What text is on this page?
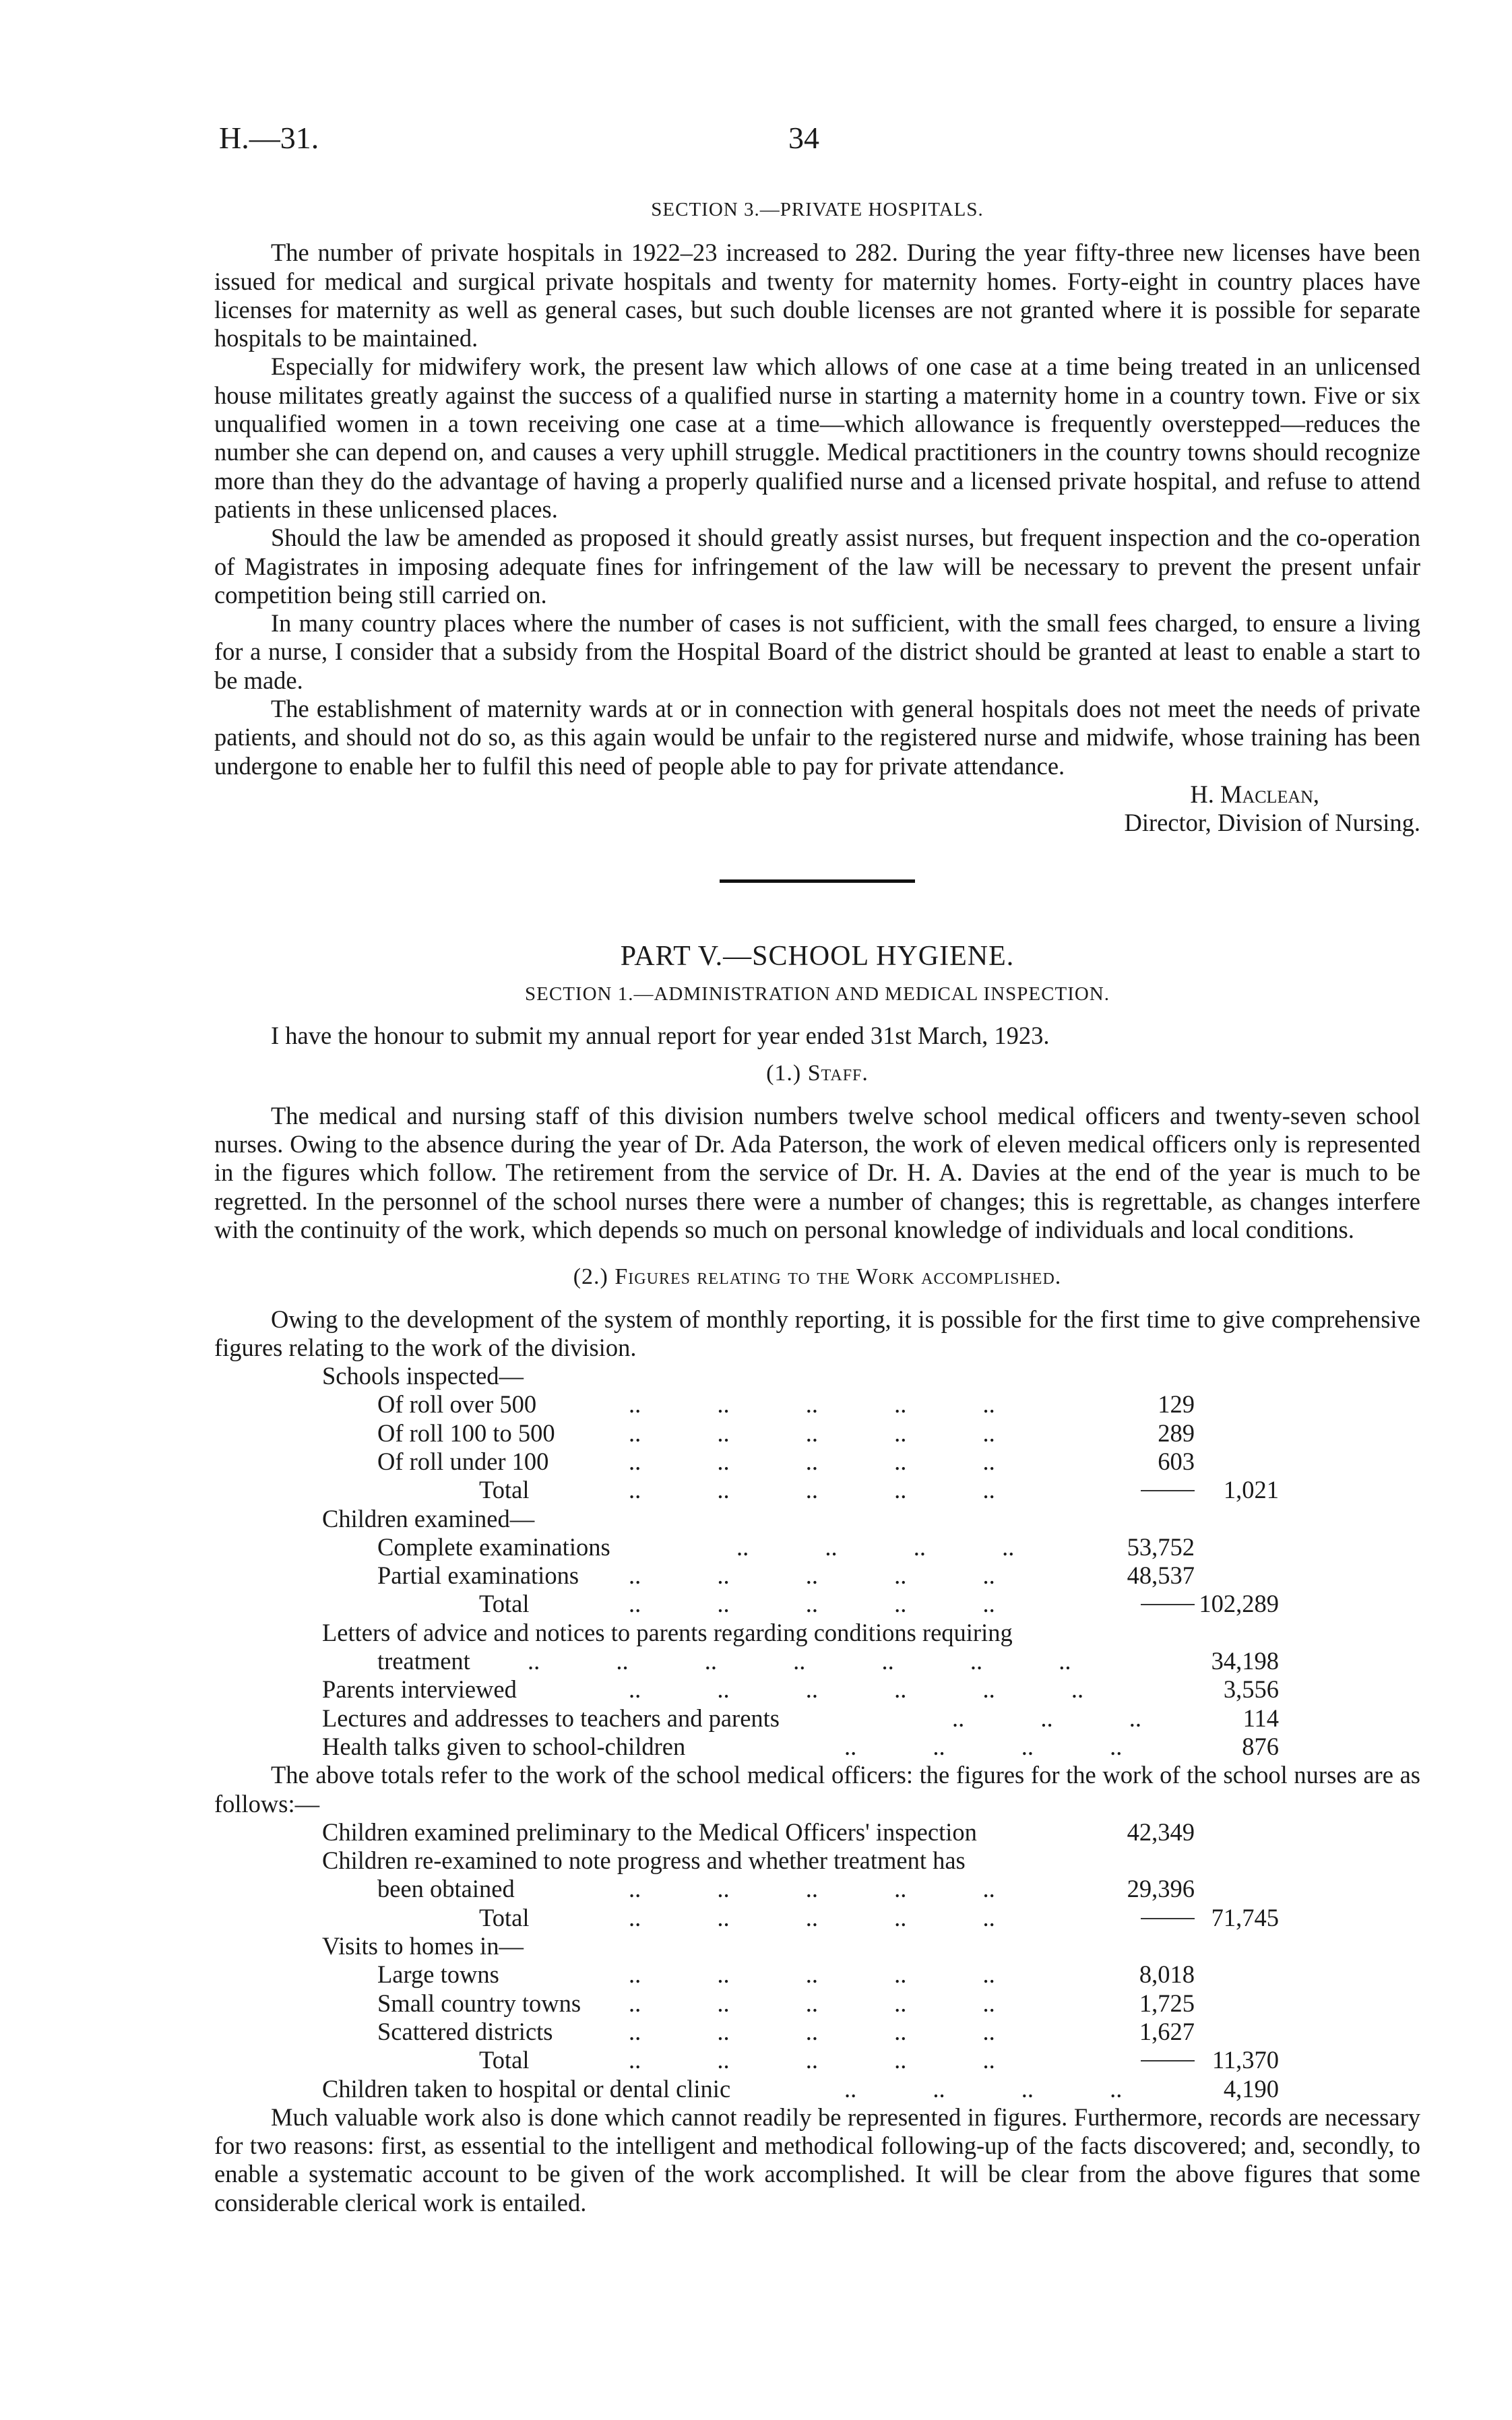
H.—31.	34
SECTION 3.—PRIVATE HOSPITALS.

The number of private hospitals in 1922–23 increased to 282. During the year fifty-three new licenses have been issued for medical and surgical private hospitals and twenty for maternity homes. Forty-eight in country places have licenses for maternity as well as general cases, but such double licenses are not granted where it is possible for separate hospitals to be maintained.

Especially for midwifery work, the present law which allows of one case at a time being treated in an unlicensed house militates greatly against the success of a qualified nurse in starting a maternity home in a country town. Five or six unqualified women in a town receiving one case at a time—which allowance is frequently overstepped—reduces the number she can depend on, and causes a very uphill struggle. Medical practitioners in the country towns should recognize more than they do the advantage of having a properly qualified nurse and a licensed private hospital, and refuse to attend patients in these unlicensed places.

Should the law be amended as proposed it should greatly assist nurses, but frequent inspection and the co-operation of Magistrates in imposing adequate fines for infringement of the law will be necessary to prevent the present unfair competition being still carried on.

In many country places where the number of cases is not sufficient, with the small fees charged, to ensure a living for a nurse, I consider that a subsidy from the Hospital Board of the district should be granted at least to enable a start to be made.

The establishment of maternity wards at or in connection with general hospitals does not meet the needs of private patients, and should not do so, as this again would be unfair to the registered nurse and midwife, whose training has been undergone to enable her to fulfil this need of people able to pay for private attendance.

H. Maclean,

Director, Division of Nursing.

PART V.—SCHOOL HYGIENE.
SECTION 1.—ADMINISTRATION AND MEDICAL INSPECTION.

I have the honour to submit my annual report for year ended 31st March, 1923.

(1.) Staff.

The medical and nursing staff of this division numbers twelve school medical officers and twenty-seven school nurses. Owing to the absence during the year of Dr. Ada Paterson, the work of eleven medical officers only is represented in the figures which follow. The retirement from the service of Dr. H. A. Davies at the end of the year is much to be regretted. In the personnel of the school nurses there were a number of changes; this is regrettable, as changes interfere with the continuity of the work, which depends so much on personal knowledge of individuals and local conditions.

(2.) Figures relating to the Work accomplished.

Owing to the development of the system of monthly reporting, it is possible for the first time to give comprehensive figures relating to the work of the division.

Schools inspected—
Of roll over 500	.. .. .. .. ..	129
Of roll 100 to 500	.. .. .. .. ..	289
Of roll under 100	.. .. .. .. ..	603
Total	.. .. .. .. ..	1,021
Children examined—
Complete examinations	.. .. .. ..	53,752
Partial examinations .. .. .. .. ..	48,537
Total	.. .. .. .. ..	102,289
Letters of advice and notices to parents regarding conditions requiring
treatment .. .. .. .. .. .. ..	34,198
Parents interviewed	.. .. .. .. .. ..	3,556
Lectures and addresses to teachers and parents	.. .. ..	114
Health talks given to school-children	.. .. .. ..	876

The above totals refer to the work of the school medical officers: the figures for the work of the school nurses are as follows:—

Children examined preliminary to the Medical Officers' inspection	42,349
Children re-examined to note progress and whether treatment has
been obtained	.. .. .. .. ..	29,396
Total	.. .. .. .. ..	71,745
Visits to homes in—
Large towns	.. .. .. .. ..	8,018
Small country towns .. .. .. .. ..	1,725
Scattered districts	.. .. .. .. ..	1,627
Total	.. .. .. .. ..	11,370
Children taken to hospital or dental clinic	.. .. .. ..	4,190

Much valuable work also is done which cannot readily be represented in figures. Furthermore, records are necessary for two reasons: first, as essential to the intelligent and methodical following-up of the facts discovered; and, secondly, to enable a systematic account to be given of the work accomplished. It will be clear from the above figures that some considerable clerical work is entailed.
